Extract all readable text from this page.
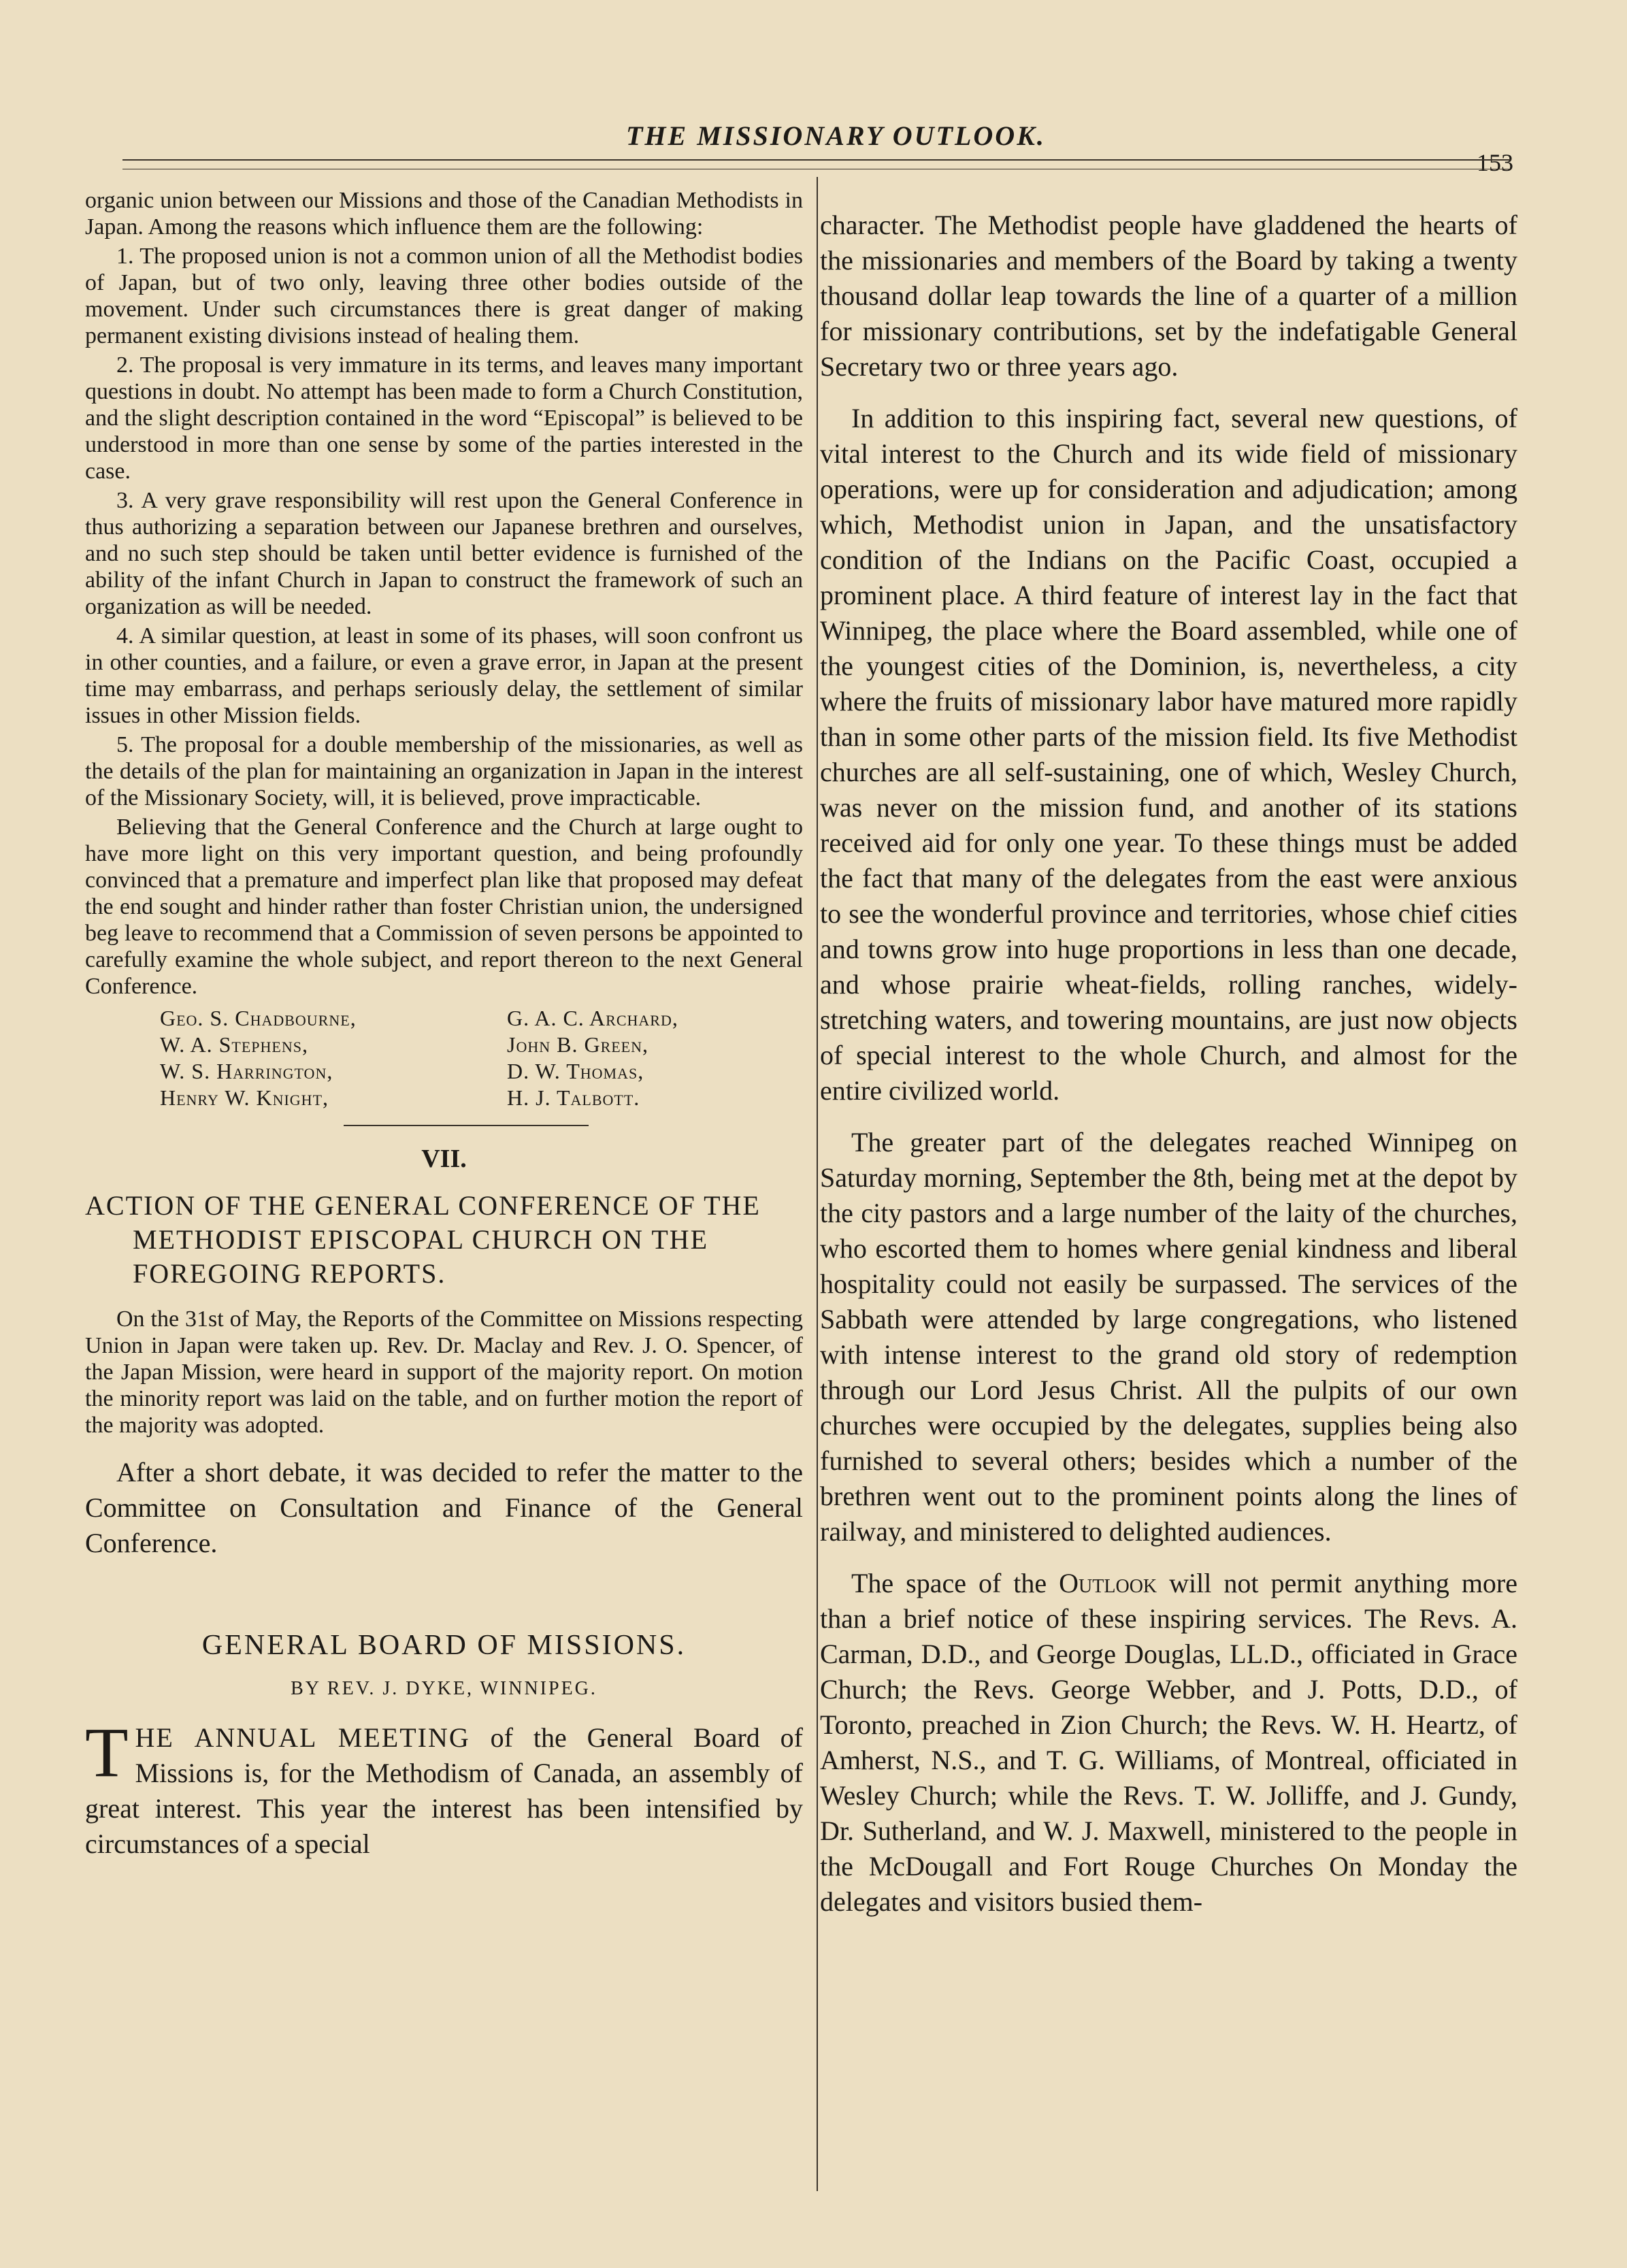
THE MISSIONARY OUTLOOK.
153

organic union between our Missions and those of the Canadian Methodists in Japan. Among the reasons which influence them are the following:

1. The proposed union is not a common union of all the Methodist bodies of Japan, but of two only, leaving three other bodies outside of the movement. Under such circumstances there is great danger of making permanent existing divisions instead of healing them.

2. The proposal is very immature in its terms, and leaves many important questions in doubt. No attempt has been made to form a Church Constitution, and the slight description contained in the word “Episcopal” is believed to be understood in more than one sense by some of the parties interested in the case.

3. A very grave responsibility will rest upon the General Conference in thus authorizing a separation between our Japanese brethren and ourselves, and no such step should be taken until better evidence is furnished of the ability of the infant Church in Japan to construct the framework of such an organization as will be needed.

4. A similar question, at least in some of its phases, will soon confront us in other counties, and a failure, or even a grave error, in Japan at the present time may embarrass, and perhaps seriously delay, the settlement of similar issues in other Mission fields.

5. The proposal for a double membership of the missionaries, as well as the details of the plan for maintaining an organization in Japan in the interest of the Missionary Society, will, it is believed, prove impracticable.

Believing that the General Conference and the Church at large ought to have more light on this very important question, and being profoundly convinced that a premature and imperfect plan like that proposed may defeat the end sought and hinder rather than foster Christian union, the undersigned beg leave to recommend that a Commission of seven persons be appointed to carefully examine the whole subject, and report thereon to the next General Conference.

Geo. S. Chadbourne,	G. A. C. Archard,
W. A. Stephens,	John B. Green,
W. S. Harrington,	D. W. Thomas,
Henry W. Knight,	H. J. Talbott.
VII.
ACTION OF THE GENERAL CONFERENCE OF THE METHODIST EPISCOPAL CHURCH ON THE FOREGOING REPORTS.

On the 31st of May, the Reports of the Committee on Missions respecting Union in Japan were taken up. Rev. Dr. Maclay and Rev. J. O. Spencer, of the Japan Mission, were heard in support of the majority report. On motion the minority report was laid on the table, and on further motion the report of the majority was adopted.

After a short debate, it was decided to refer the matter to the Committee on Consultation and Finance of the General Conference.

GENERAL BOARD OF MISSIONS.
BY REV. J. DYKE, WINNIPEG.

THE ANNUAL MEETING of the General Board of Missions is, for the Methodism of Canada, an assembly of great interest. This year the interest has been intensified by circumstances of a special

character. The Methodist people have gladdened the hearts of the missionaries and members of the Board by taking a twenty thousand dollar leap towards the line of a quarter of a million for missionary contributions, set by the indefatigable General Secretary two or three years ago.

In addition to this inspiring fact, several new questions, of vital interest to the Church and its wide field of missionary operations, were up for consideration and adjudication; among which, Methodist union in Japan, and the unsatisfactory condition of the Indians on the Pacific Coast, occupied a prominent place. A third feature of interest lay in the fact that Winnipeg, the place where the Board assembled, while one of the youngest cities of the Dominion, is, nevertheless, a city where the fruits of missionary labor have matured more rapidly than in some other parts of the mission field. Its five Methodist churches are all self-sustaining, one of which, Wesley Church, was never on the mission fund, and another of its stations received aid for only one year. To these things must be added the fact that many of the delegates from the east were anxious to see the wonderful province and territories, whose chief cities and towns grow into huge proportions in less than one decade, and whose prairie wheat-fields, rolling ranches, widely-stretching waters, and towering mountains, are just now objects of special interest to the whole Church, and almost for the entire civilized world.

The greater part of the delegates reached Winnipeg on Saturday morning, September the 8th, being met at the depot by the city pastors and a large number of the laity of the churches, who escorted them to homes where genial kindness and liberal hospitality could not easily be surpassed. The services of the Sabbath were attended by large congregations, who listened with intense interest to the grand old story of redemption through our Lord Jesus Christ. All the pulpits of our own churches were occupied by the delegates, supplies being also furnished to several others; besides which a number of the brethren went out to the prominent points along the lines of railway, and ministered to delighted audiences.

The space of the Outlook will not permit anything more than a brief notice of these inspiring services. The Revs. A. Carman, D.D., and George Douglas, LL.D., officiated in Grace Church; the Revs. George Webber, and J. Potts, D.D., of Toronto, preached in Zion Church; the Revs. W. H. Heartz, of Amherst, N.S., and T. G. Williams, of Montreal, officiated in Wesley Church; while the Revs. T. W. Jolliffe, and J. Gundy, Dr. Sutherland, and W. J. Maxwell, ministered to the people in the McDougall and Fort Rouge Churches On Monday the delegates and visitors busied them-
